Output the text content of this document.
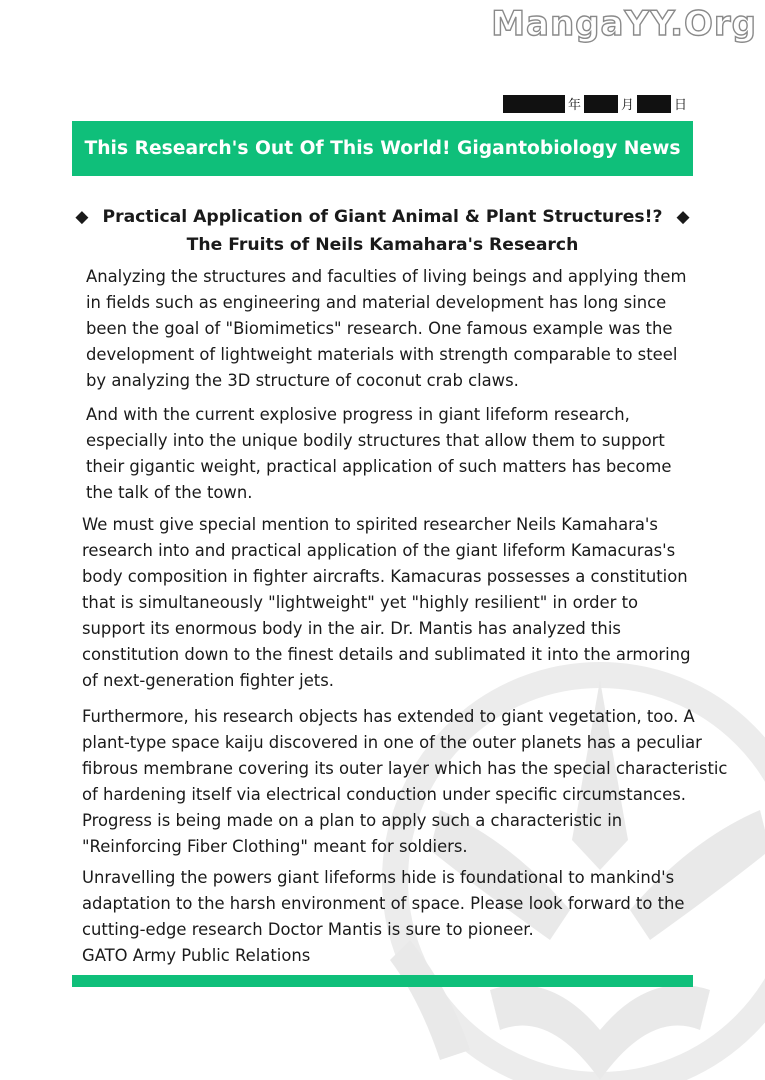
MangaYY.Org
年	月	日
This Research's Out Of This World! Gigantobiology News
◆ Practical Application of Giant Animal & Plant Structures!? ◆
The Fruits of Neils Kamahara's Research

Analyzing the structures and faculties of living beings and applying them
in fields such as engineering and material development has long since
been the goal of "Biomimetics" research. One famous example was the
development of lightweight materials with strength comparable to steel
by analyzing the 3D structure of coconut crab claws.

And with the current explosive progress in giant lifeform research,
especially into the unique bodily structures that allow them to support
their gigantic weight, practical application of such matters has become
the talk of the town.

We must give special mention to spirited researcher Neils Kamahara's
research into and practical application of the giant lifeform Kamacuras's
body composition in fighter aircrafts. Kamacuras possesses a constitution
that is simultaneously "lightweight" yet "highly resilient" in order to
support its enormous body in the air. Dr. Mantis has analyzed this
constitution down to the finest details and sublimated it into the armoring
of next-generation fighter jets.

Furthermore, his research objects has extended to giant vegetation, too. A
plant-type space kaiju discovered in one of the outer planets has a peculiar
fibrous membrane covering its outer layer which has the special characteristic
of hardening itself via electrical conduction under specific circumstances.
Progress is being made on a plan to apply such a characteristic in
"Reinforcing Fiber Clothing" meant for soldiers.

Unravelling the powers giant lifeforms hide is foundational to mankind's
adaptation to the harsh environment of space. Please look forward to the
cutting-edge research Doctor Mantis is sure to pioneer.
GATO Army Public Relations
